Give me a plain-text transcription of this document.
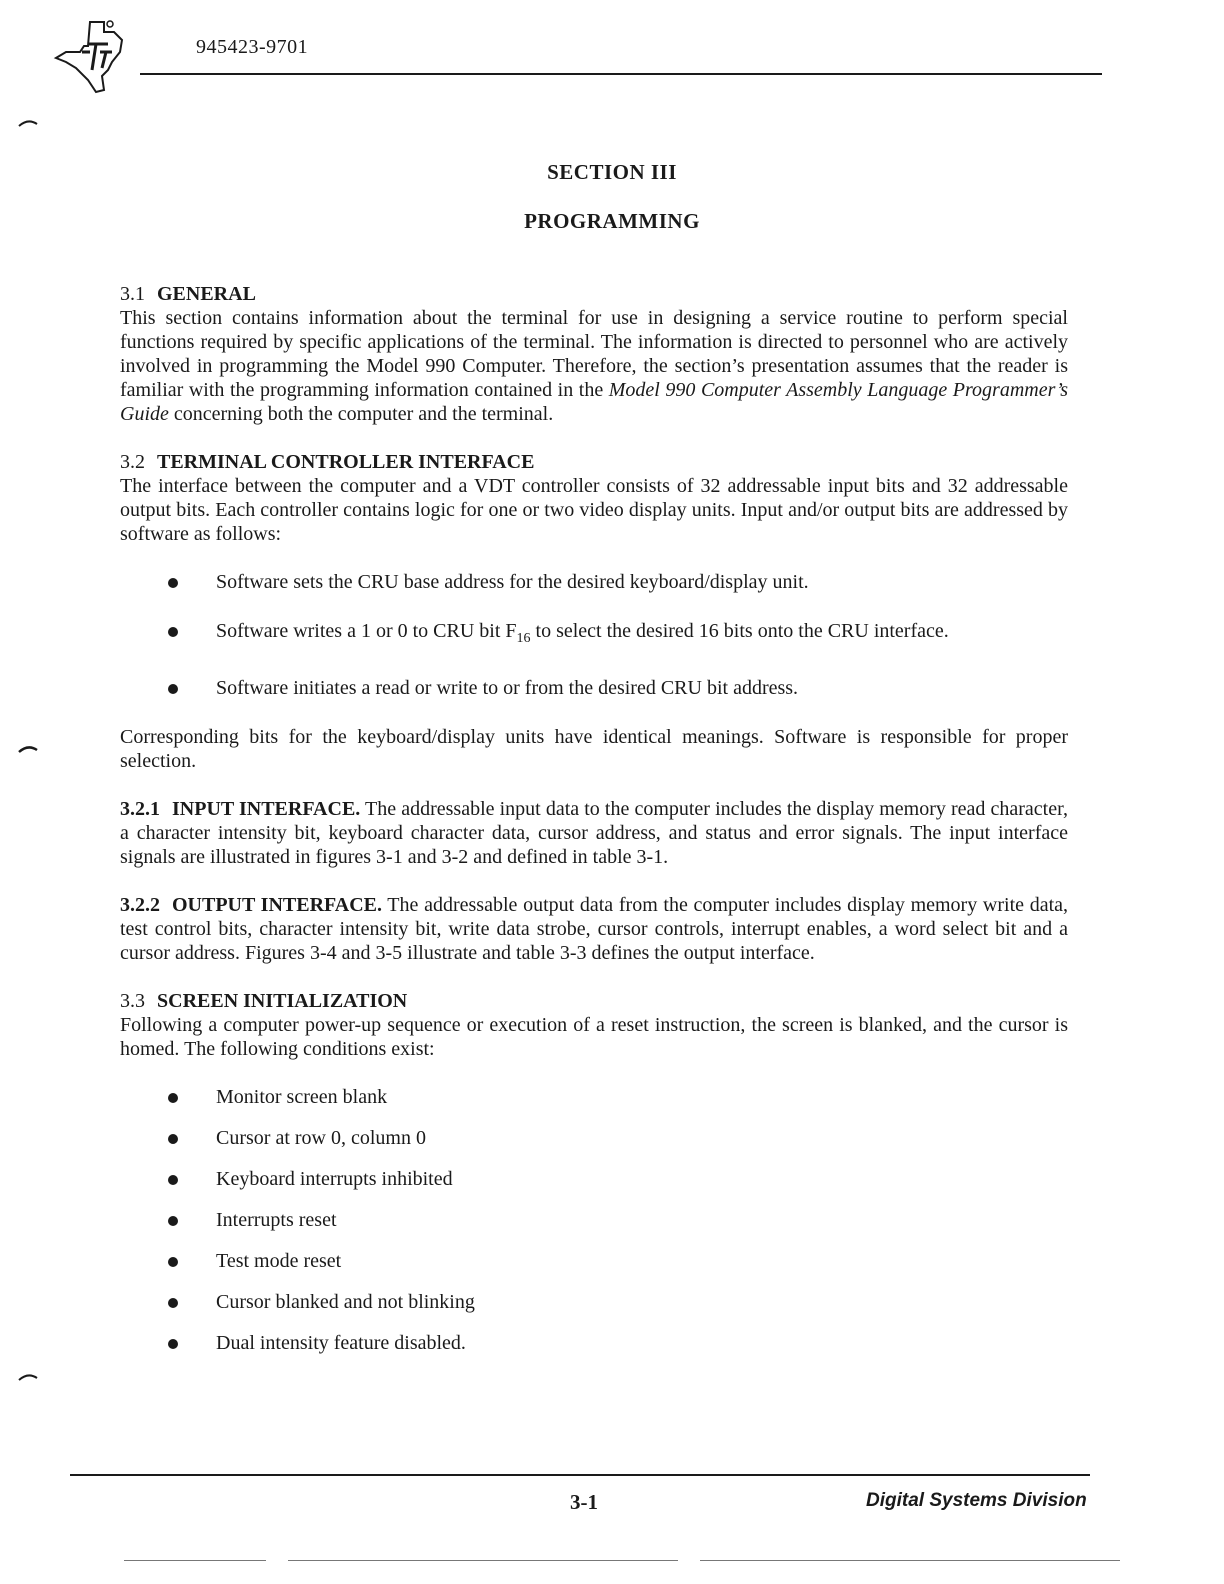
945423-9701
SECTION III
PROGRAMMING
3.1 GENERAL

This section contains information about the terminal for use in designing a service routine to perform special functions required by specific applications of the terminal. The information is directed to personnel who are actively involved in programming the Model 990 Computer. Therefore, the section’s presentation assumes that the reader is familiar with the programming information contained in the Model 990 Computer Assembly Language Programmer’s Guide concerning both the computer and the terminal.

3.2 TERMINAL CONTROLLER INTERFACE

The interface between the computer and a VDT controller consists of 32 addressable input bits and 32 addressable output bits. Each controller contains logic for one or two video display units. Input and/or output bits are addressed by software as follows:

Software sets the CRU base address for the desired keyboard/display unit.
Software writes a 1 or 0 to CRU bit $F_{16}$ to select the desired 16 bits onto the CRU interface.
Software initiates a read or write to or from the desired CRU bit address.

Corresponding bits for the keyboard/display units have identical meanings. Software is responsible for proper selection.

3.2.1 INPUT INTERFACE. The addressable input data to the computer includes the display memory read character, a character intensity bit, keyboard character data, cursor address, and status and error signals. The input interface signals are illustrated in figures 3-1 and 3-2 and defined in table 3-1.

3.2.2 OUTPUT INTERFACE. The addressable output data from the computer includes display memory write data, test control bits, character intensity bit, write data strobe, cursor controls, interrupt enables, a word select bit and a cursor address. Figures 3-4 and 3-5 illustrate and table 3-3 defines the output interface.

3.3 SCREEN INITIALIZATION

Following a computer power-up sequence or execution of a reset instruction, the screen is blanked, and the cursor is homed. The following conditions exist:

Monitor screen blank
Cursor at row 0, column 0
Keyboard interrupts inhibited
Interrupts reset
Test mode reset
Cursor blanked and not blinking
Dual intensity feature disabled.
3-1	Digital Systems Division
